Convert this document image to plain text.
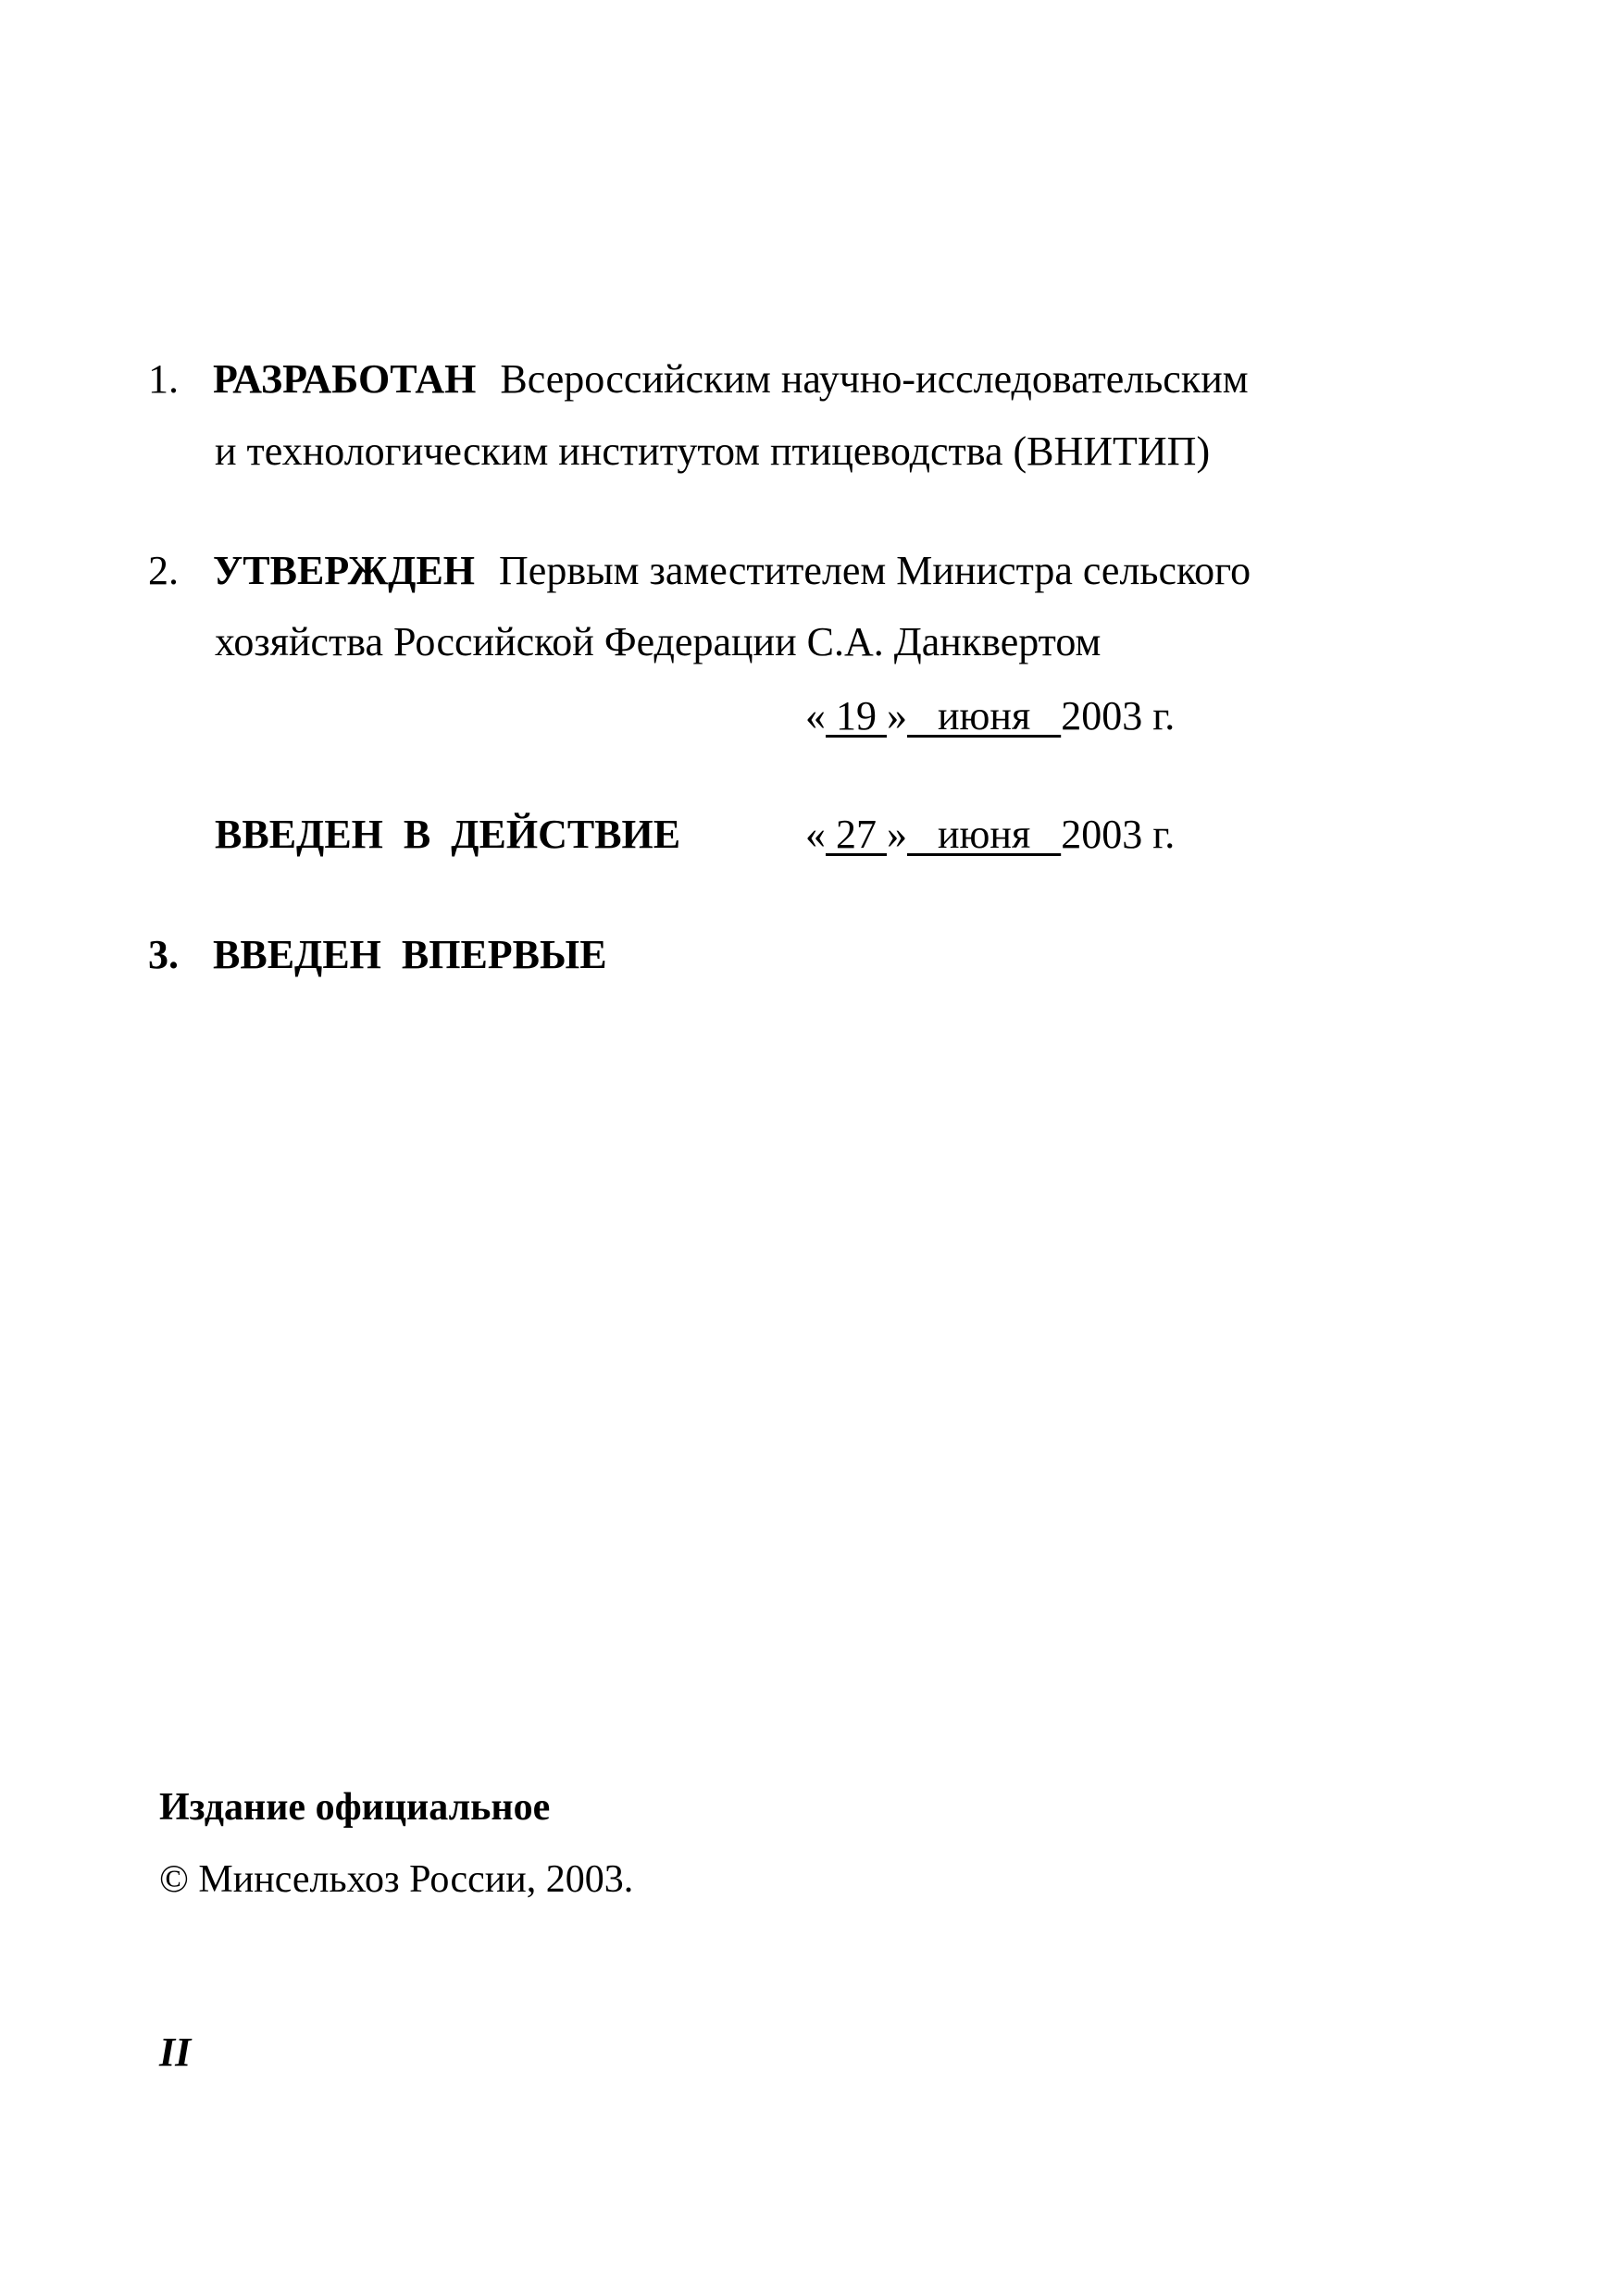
1. РАЗРАБОТАН Всероссийским научно-исследовательским
и технологическим институтом птицеводства (ВНИТИП)
2. УТВЕРЖДЕН Первым заместителем Министра сельского
хозяйства Российской Федерации С.А. Данквертом
« 19 »   июня   2003 г.
ВВЕДЕН  В  ДЕЙСТВИЕ	« 27 »   июня   2003 г.
3. ВВЕДЕН  ВПЕРВЫЕ
Издание официальное
© Минсельхоз России, 2003.
II
